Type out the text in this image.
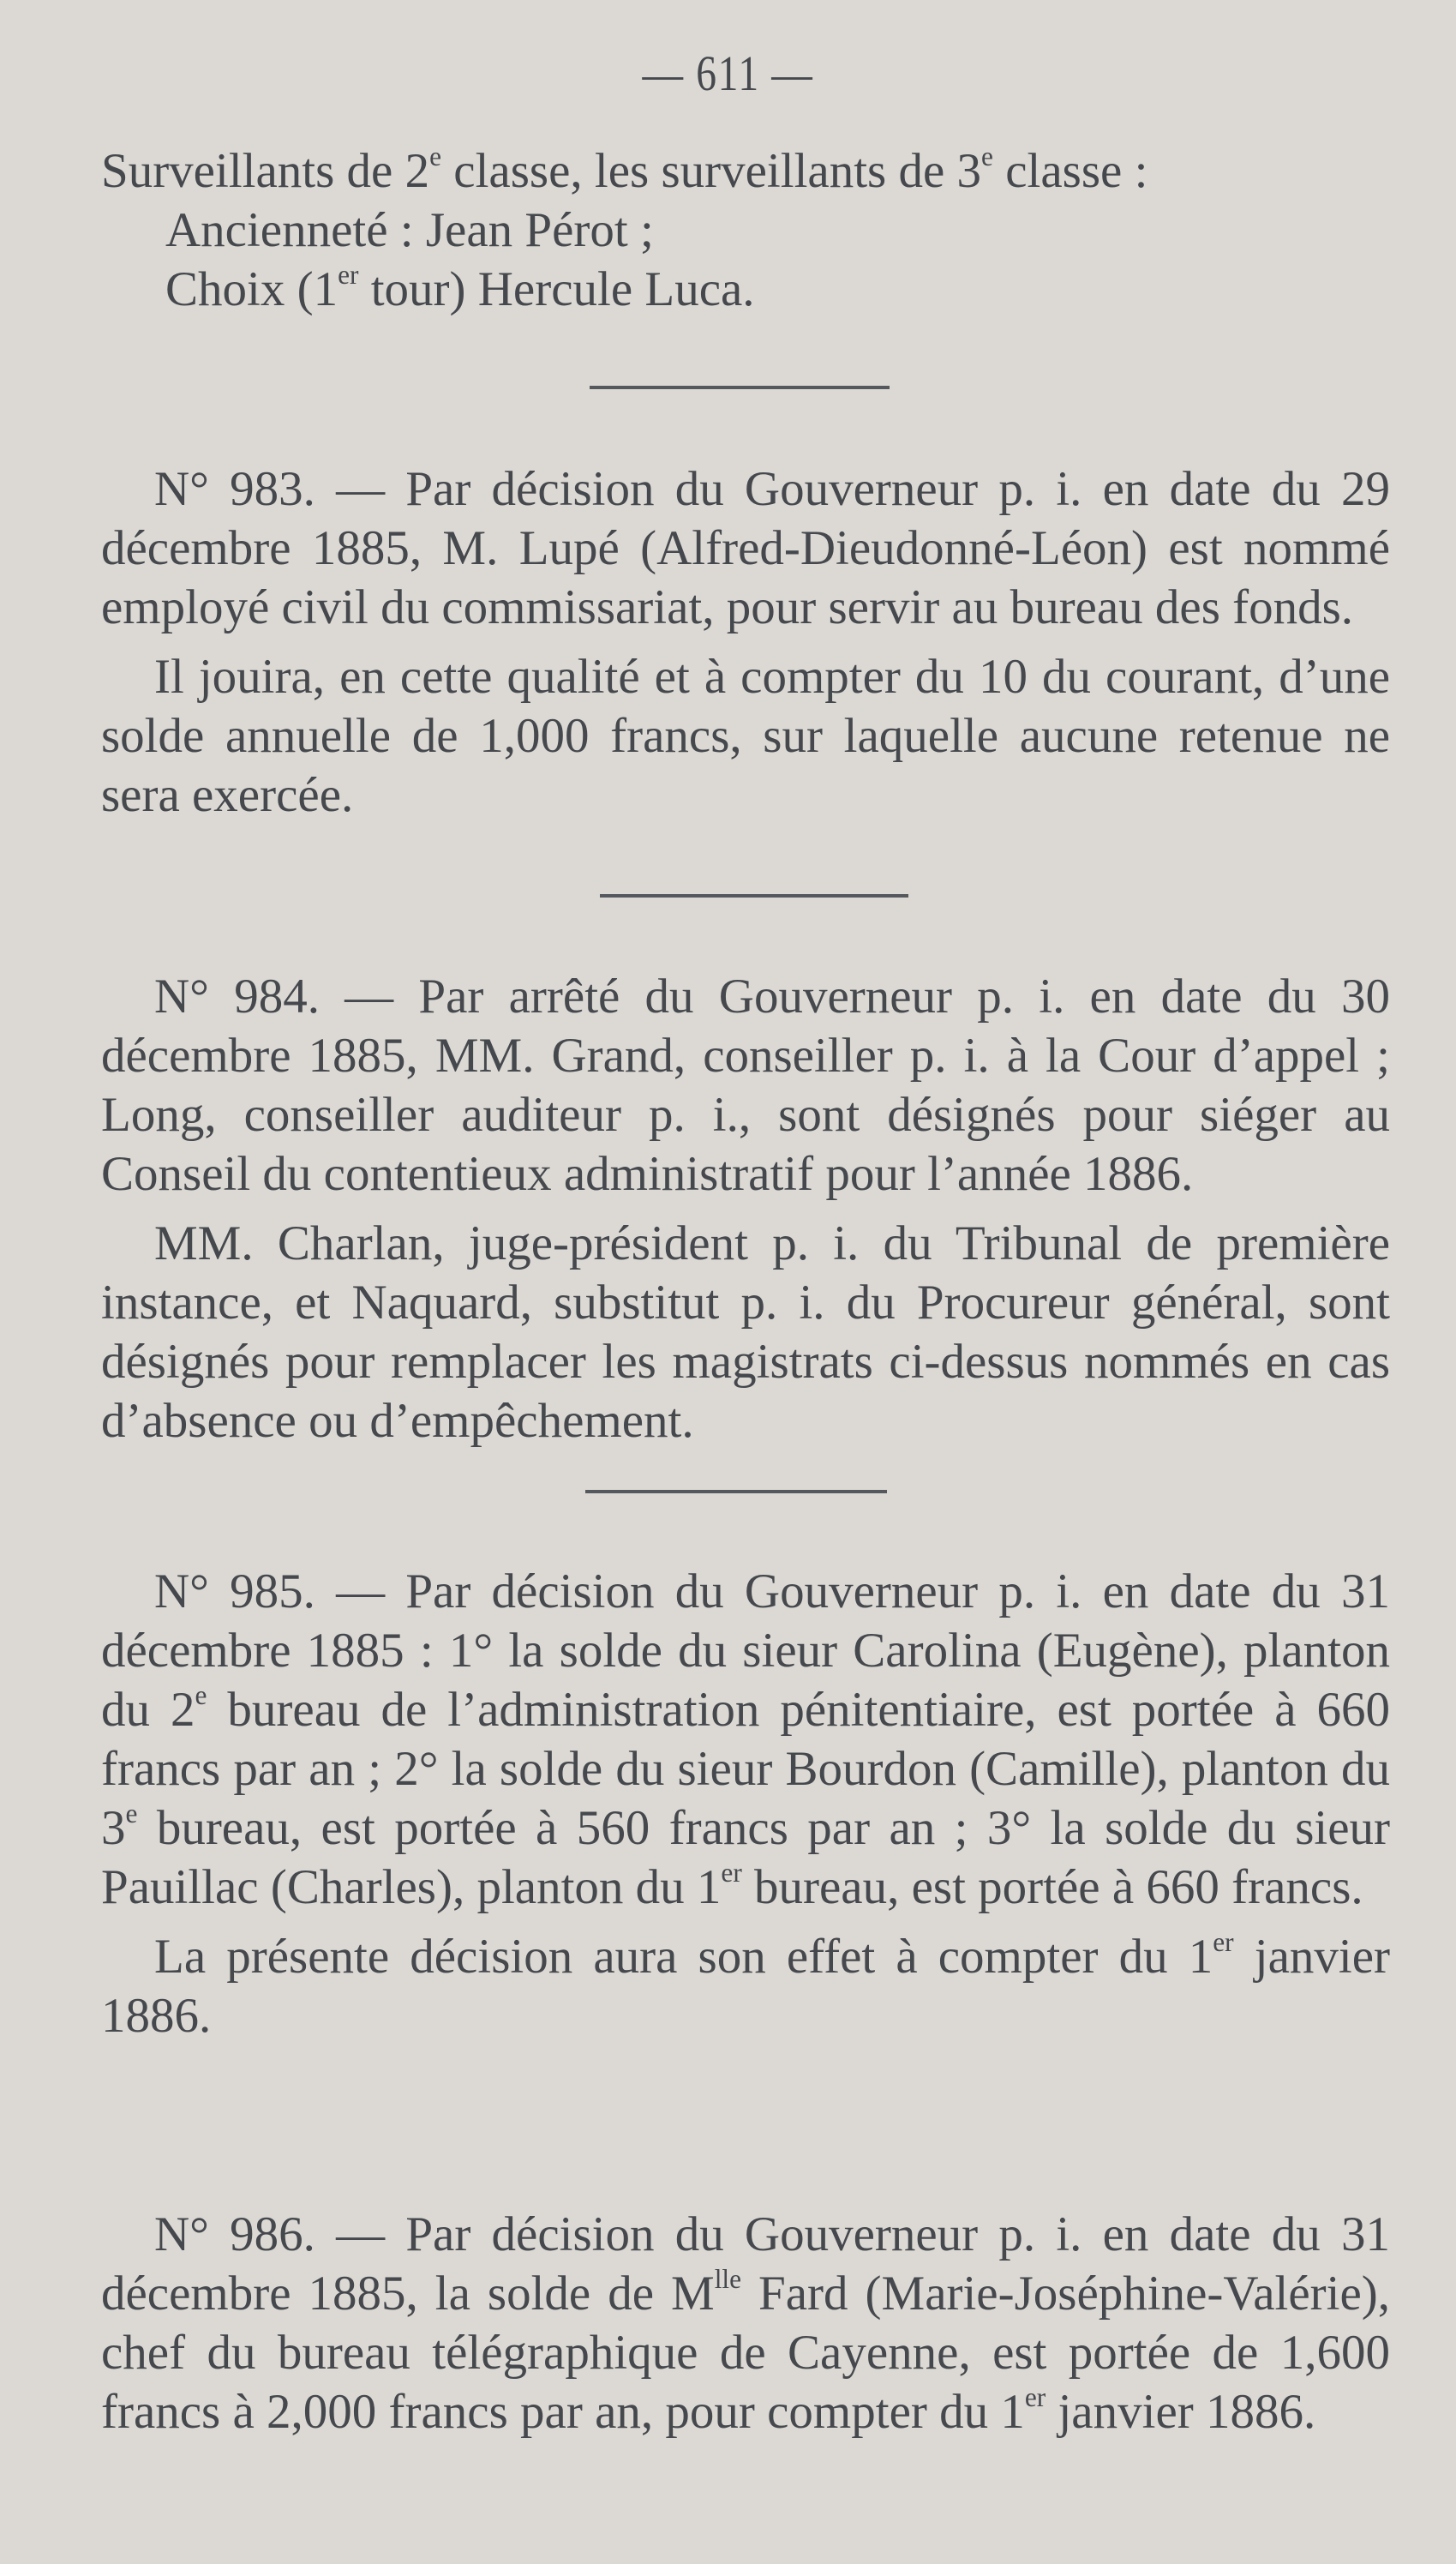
— 611 —

Surveillants de 2e classe, les surveillants de 3e classe :

Ancienneté : Jean Pérot ;

Choix (1er tour) Hercule Luca.

N° 983. — Par décision du Gouverneur p. i. en date du 29 décembre 1885, M. Lupé (Alfred-Dieudonné-Léon) est nommé employé civil du commissariat, pour servir au bureau des fonds.

Il jouira, en cette qualité et à compter du 10 du courant, d’une solde annuelle de 1,000 francs, sur laquelle aucune retenue ne sera exercée.

N° 984. — Par arrêté du Gouverneur p. i. en date du 30 décembre 1885, MM. Grand, conseiller p. i. à la Cour d’appel ; Long, conseiller auditeur p. i., sont désignés pour siéger au Conseil du contentieux administratif pour l’année 1886.

MM. Charlan, juge-président p. i. du Tribunal de première instance, et Naquard, substitut p. i. du Procureur général, sont désignés pour remplacer les magistrats ci-dessus nommés en cas d’absence ou d’empêchement.

N° 985. — Par décision du Gouverneur p. i. en date du 31 décembre 1885 : 1° la solde du sieur Carolina (Eugène), planton du 2e bureau de l’administration pénitentiaire, est portée à 660 francs par an ; 2° la solde du sieur Bourdon (Camille), planton du 3e bureau, est portée à 560 francs par an ; 3° la solde du sieur Pauillac (Charles), planton du 1er bureau, est portée à 660 francs.

La présente décision aura son effet à compter du 1er janvier 1886.

N° 986. — Par décision du Gouverneur p. i. en date du 31 décembre 1885, la solde de $M^{lle}$ Fard (Marie-Joséphine-Valérie), chef du bureau télégraphique de Cayenne, est portée de 1,600 francs à 2,000 francs par an, pour compter du 1er janvier 1886.
